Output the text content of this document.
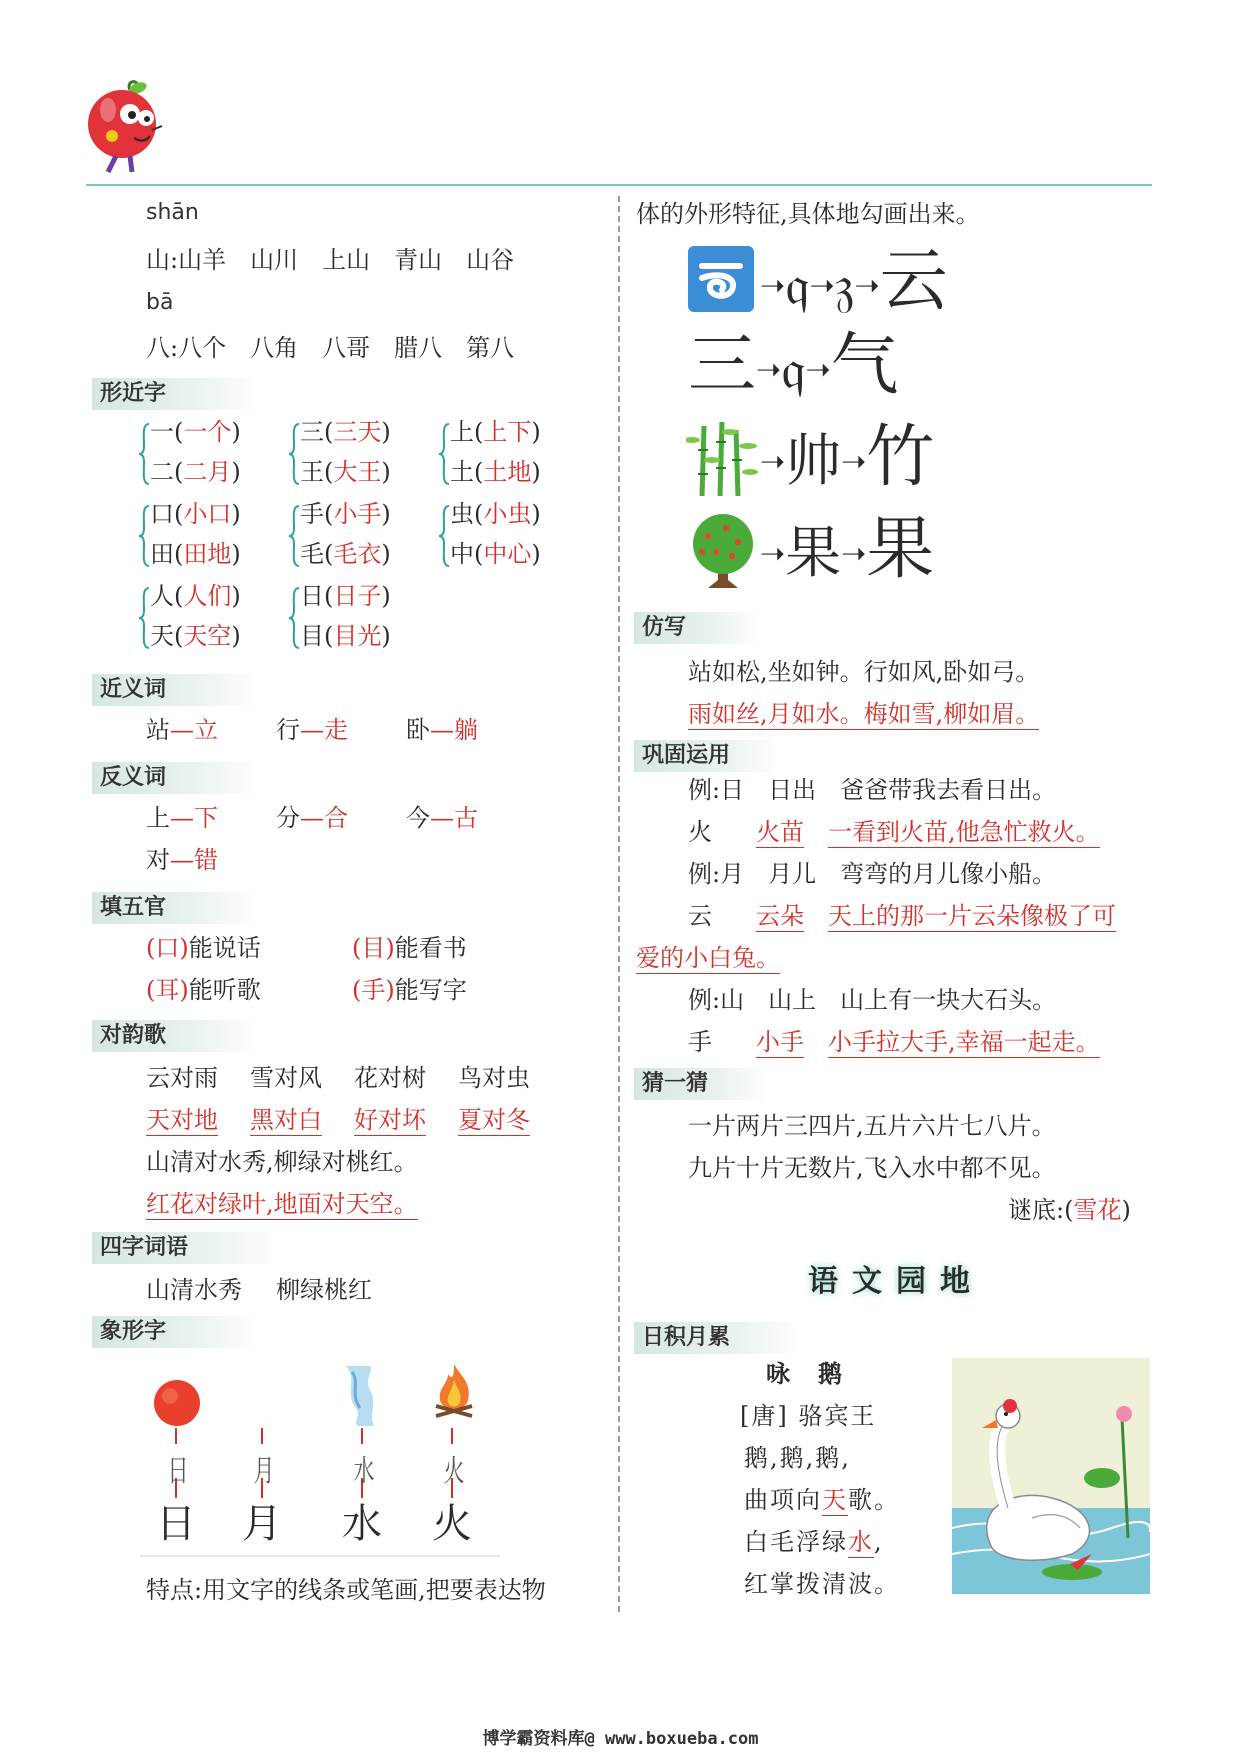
shān
山:山羊　山川　上山　青山　山谷
bā
八:八个　八角　八哥　腊八　第八
形近字
一(一个)
二(二月)
三(三天)
王(大王)
上(上下)
土(土地)
口(小口)
田(田地)
手(小手)
毛(毛衣)
虫(小虫)
中(中心)
人(人们)
天(天空)
日(日子)
目(目光)
近义词
站—立 行—走 卧—躺
反义词
上—下 分—合 今—古
对—错
填五官
(口)能说话	(目)能看书
(耳)能听歌	(手)能写字
对韵歌
云对雨 雪对风 花对树 鸟对虫
天对地 黑对白 好对坏 夏对冬
山清对水秀,柳绿对桃红。
红花对绿叶,地面对天空。
四字词语
山清水秀 柳绿桃红
象形字
日 月	水 火
日 月 水 火
特点:用文字的线条或笔画,把要表达物
体的外形特征,具体地勾画出来。
➝𝔮➝𝔷➝云
三➝𝔮➝气
➝帅➝竹
➝果➝果
仿写
站如松,坐如钟。行如风,卧如弓。
雨如丝,月如水。梅如雪,柳如眉。
巩固运用
例:日　日出　爸爸带我去看日出。
火 火苗 一看到火苗,他急忙救火。
例:月　月儿　弯弯的月儿像小船。
云 云朵 天上的那一片云朵像极了可
爱的小白兔。
例:山　山上　山上有一块大石头。
手 小手 小手拉大手,幸福一起走。
猜一猜
一片两片三四片,五片六片七八片。
九片十片无数片,飞入水中都不见。
谜底:(雪花)
语文园地
日积月累
咏　鹅
[唐] 骆宾王
鹅,鹅,鹅,
曲项向天歌。
白毛浮绿水,
红掌拨清波。
博学霸资料库@ www.boxueba.com
